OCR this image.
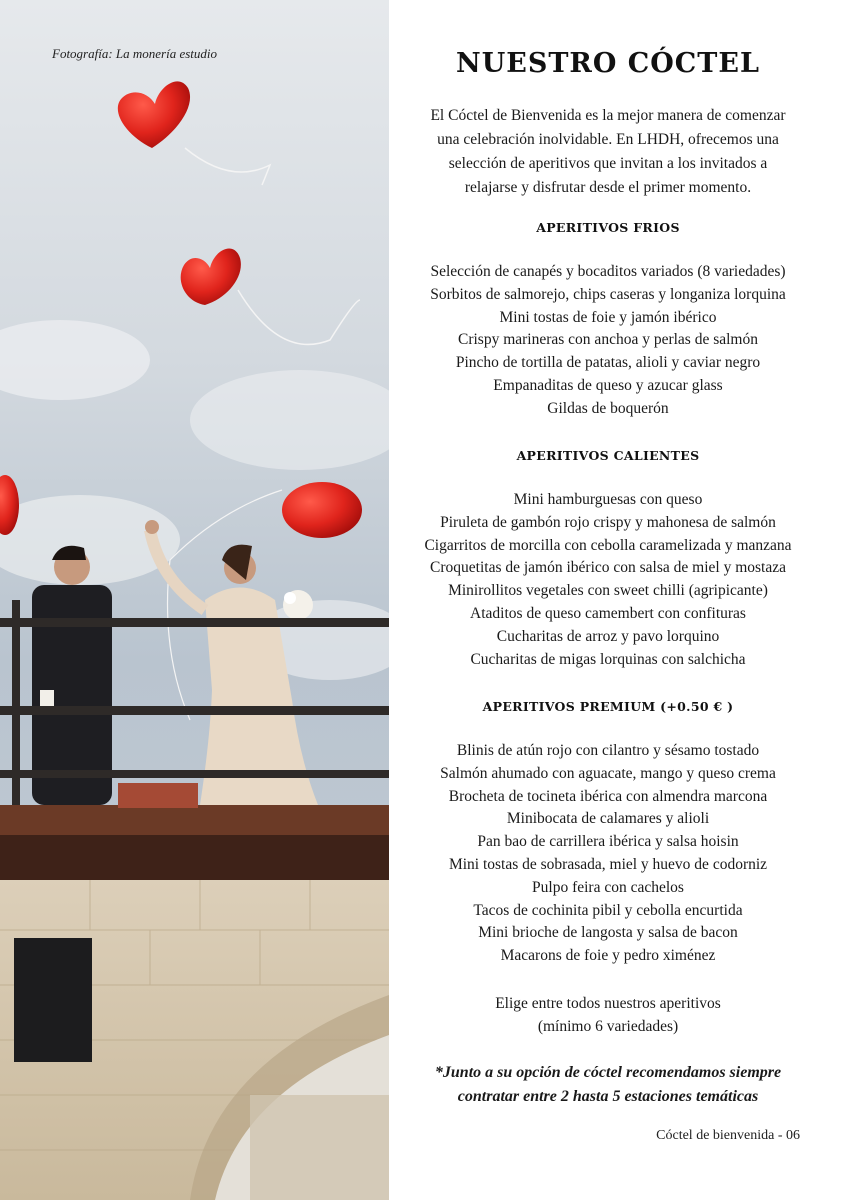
Fotografía: La monería estudio	NUESTRO CÓCTEL
El Cóctel de Bienvenida es la mejor manera de comenzar
una celebración inolvidable. En LHDH, ofrecemos una
selección de aperitivos que invitan a los invitados a
relajarse y disfrutar desde el primer momento.
APERITIVOS FRIOS
Selección de canapés y bocaditos variados (8 variedades)
Sorbitos de salmorejo, chips caseras y longaniza lorquina
Mini tostas de foie y jamón ibérico
Crispy marineras con anchoa y perlas de salmón
Pincho de tortilla de patatas, alioli y caviar negro
Empanaditas de queso y azucar glass
Gildas de boquerón
APERITIVOS CALIENTES
Mini hamburguesas con queso
Piruleta de gambón rojo crispy y mahonesa de salmón
Cigarritos de morcilla con cebolla caramelizada y manzana
Croquetitas de jamón ibérico con salsa de miel y mostaza
Minirollitos vegetales con sweet chilli (agripicante)
Ataditos de queso camembert con confituras
Cucharitas de arroz y pavo lorquino
Cucharitas de migas lorquinas con salchicha
APERITIVOS PREMIUM (+0.50 € )
Blinis de atún rojo con cilantro y sésamo tostado
Salmón ahumado con aguacate, mango y queso crema
Brocheta de tocineta ibérica con almendra marcona
Minibocata de calamares y alioli
Pan bao de carrillera ibérica y salsa hoisin
Mini tostas de sobrasada, miel y huevo de codorniz
Pulpo feira con cachelos
Tacos de cochinita pibil y cebolla encurtida
Mini brioche de langosta y salsa de bacon
Macarons de foie y pedro ximénez
Elige entre todos nuestros aperitivos
(mínimo 6 variedades)
*Junto a su opción de cóctel recomendamos siempre
contratar entre 2 hasta 5 estaciones temáticas
Cóctel de bienvenida - 06
